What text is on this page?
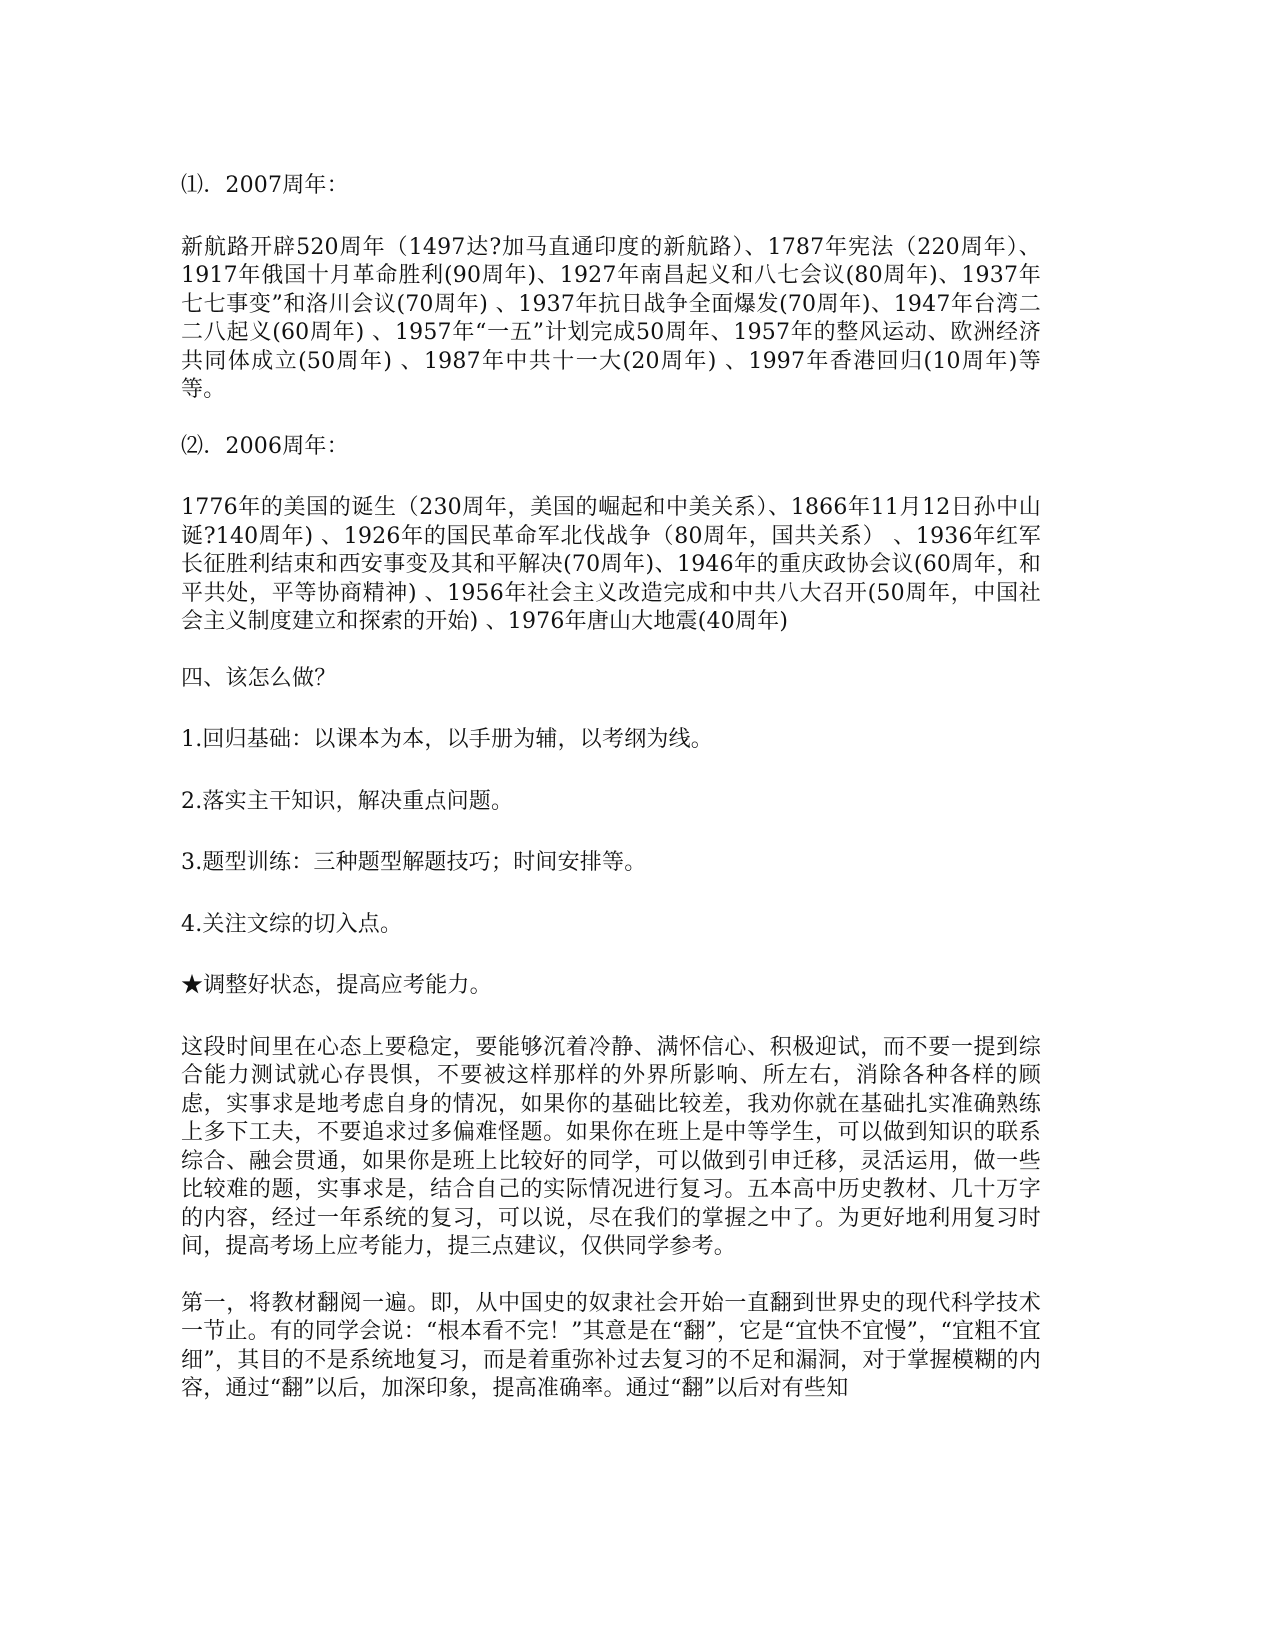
⑴．2007周年：

新航路开辟520周年（1497达?加马直通印度的新航路）、1787年宪法（220周年）、1917年俄国十月革命胜利(90周年)、1927年南昌起义和八七会议(80周年)、1937年七七事变”和洛川会议(70周年) 、1937年抗日战争全面爆发(70周年)、1947年台湾二二八起义(60周年) 、1957年“一五”计划完成50周年、1957年的整风运动、欧洲经济共同体成立(50周年) 、1987年中共十一大(20周年) 、1997年香港回归(10周年)等等。

⑵．2006周年：

1776年的美国的诞生（230周年，美国的崛起和中美关系）、1866年11月12日孙中山诞?140周年) 、1926年的国民革命军北伐战争（80周年，国共关系） 、1936年红军长征胜利结束和西安事变及其和平解决(70周年)、1946年的重庆政协会议(60周年，和平共处，平等协商精神) 、1956年社会主义改造完成和中共八大召开(50周年，中国社会主义制度建立和探索的开始) 、1976年唐山大地震(40周年)

四、该怎么做？

1.回归基础：以课本为本，以手册为辅，以考纲为线。

2.落实主干知识，解决重点问题。

3.题型训练：三种题型解题技巧；时间安排等。

4.关注文综的切入点。

★调整好状态，提高应考能力。

这段时间里在心态上要稳定，要能够沉着冷静、满怀信心、积极迎试，而不要一提到综合能力测试就心存畏惧，不要被这样那样的外界所影响、所左右，消除各种各样的顾虑，实事求是地考虑自身的情况，如果你的基础比较差，我劝你就在基础扎实准确熟练上多下工夫，不要追求过多偏难怪题。如果你在班上是中等学生，可以做到知识的联系综合、融会贯通，如果你是班上比较好的同学，可以做到引申迁移，灵活运用，做一些比较难的题，实事求是，结合自己的实际情况进行复习。五本高中历史教材、几十万字的内容，经过一年系统的复习，可以说，尽在我们的掌握之中了。为更好地利用复习时间，提高考场上应考能力，提三点建议，仅供同学参考。

第一，将教材翻阅一遍。即，从中国史的奴隶社会开始一直翻到世界史的现代科学技术一节止。有的同学会说：“根本看不完！”其意是在“翻”，它是“宜快不宜慢”，“宜粗不宜细”，其目的不是系统地复习，而是着重弥补过去复习的不足和漏洞，对于掌握模糊的内容，通过“翻”以后，加深印象，提高准确率。通过“翻”以后对有些知
